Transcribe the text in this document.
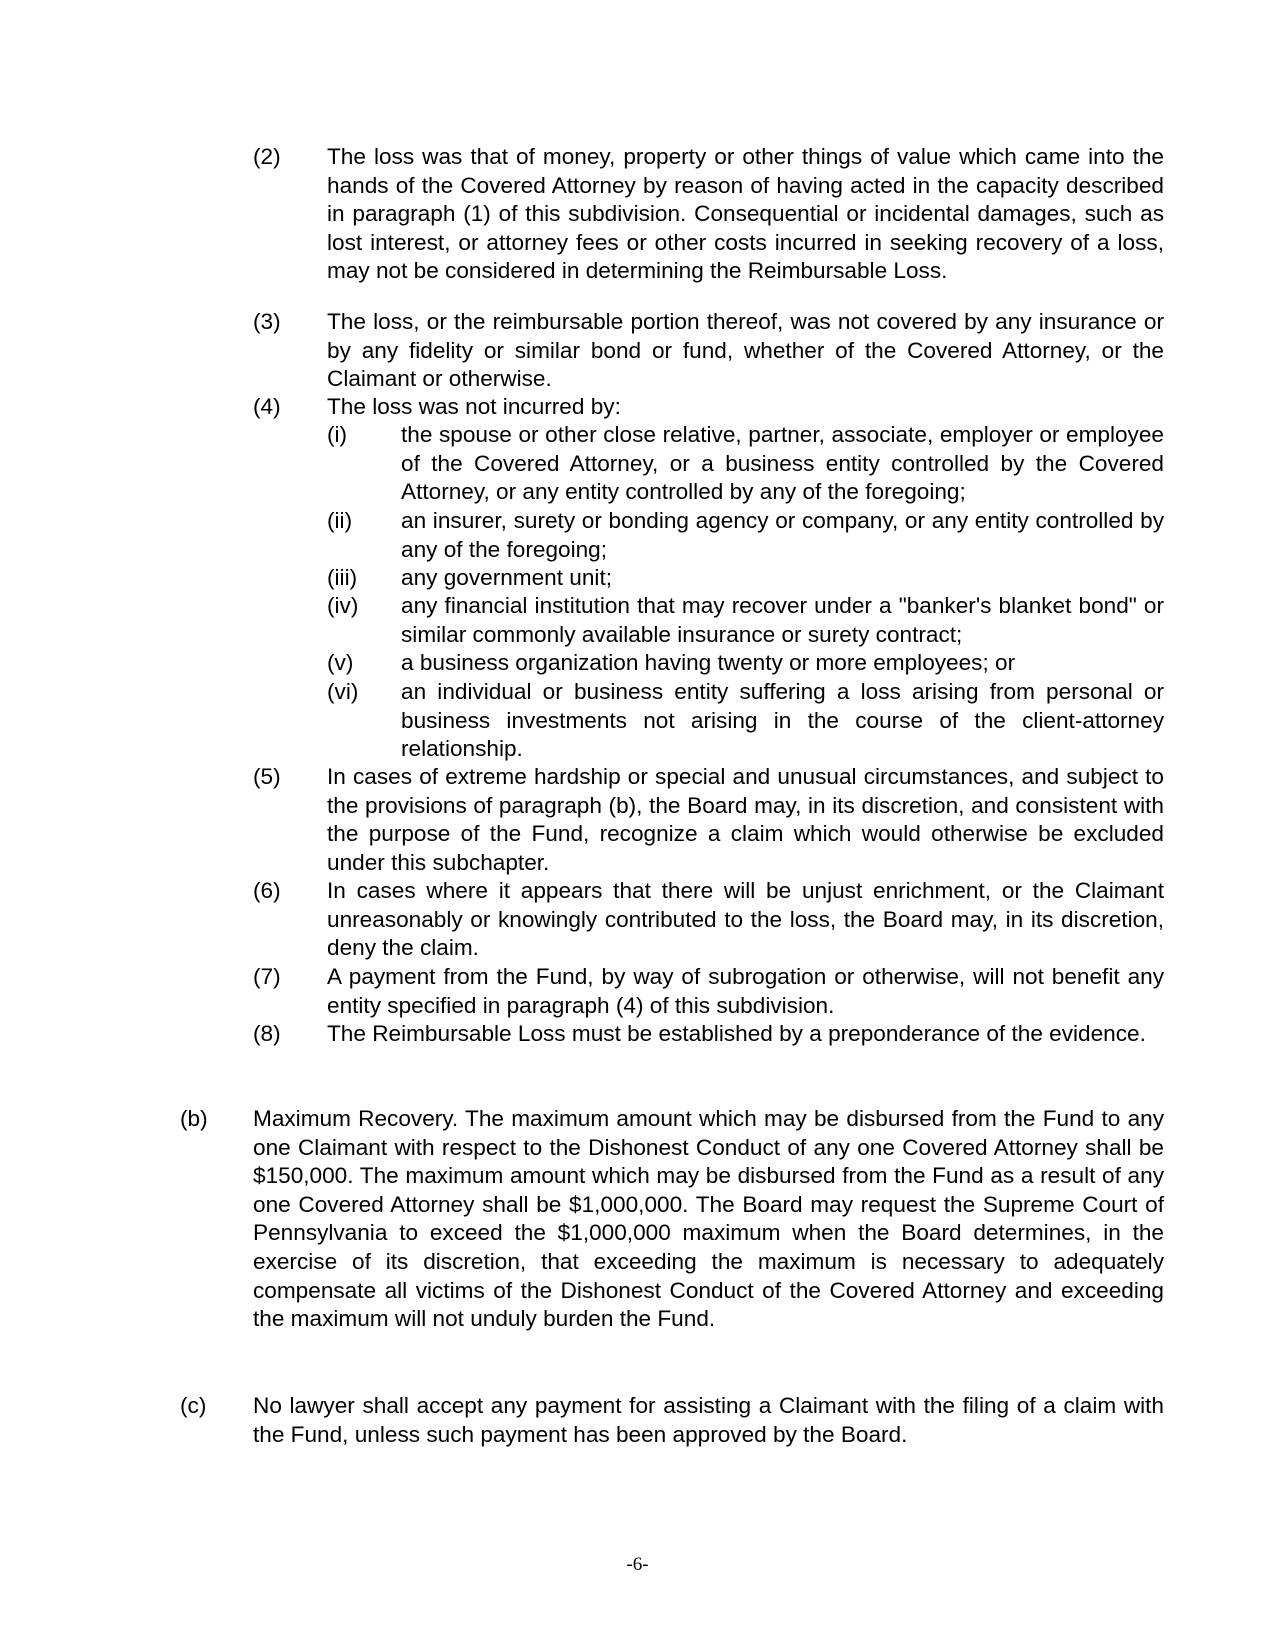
(2)	The loss was that of money, property or other things of value which came into the hands of the Covered Attorney by reason of having acted in the capacity described in paragraph (1) of this subdivision. Consequential or incidental damages, such as lost interest, or attorney fees or other costs incurred in seeking recovery of a loss, may not be considered in determining the Reimbursable Loss.

(3)	The loss, or the reimbursable portion thereof, was not covered by any insurance or by any fidelity or similar bond or fund, whether of the Covered Attorney, or the Claimant or otherwise.

(4)	The loss was not incurred by:

(i)	the spouse or other close relative, partner, associate, employer or employee of the Covered Attorney, or a business entity controlled by the Covered Attorney, or any entity controlled by any of the foregoing;

(ii)	an insurer, surety or bonding agency or company, or any entity controlled by any of the foregoing;

(iii)	any government unit;

(iv)	any financial institution that may recover under a "banker's blanket bond" or similar commonly available insurance or surety contract;

(v)	a business organization having twenty or more employees; or

(vi)	an individual or business entity suffering a loss arising from personal or business investments not arising in the course of the client-attorney relationship.

(5)	In cases of extreme hardship or special and unusual circumstances, and subject to the provisions of paragraph (b), the Board may, in its discretion, and consistent with the purpose of the Fund, recognize a claim which would otherwise be excluded under this subchapter.

(6)	In cases where it appears that there will be unjust enrichment, or the Claimant unreasonably or knowingly contributed to the loss, the Board may, in its discretion, deny the claim.

(7)	A payment from the Fund, by way of subrogation or otherwise, will not benefit any entity specified in paragraph (4) of this subdivision.

(8)	The Reimbursable Loss must be established by a preponderance of the evidence.

(b)	Maximum Recovery. The maximum amount which may be disbursed from the Fund to any one Claimant with respect to the Dishonest Conduct of any one Covered Attorney shall be $150,000. The maximum amount which may be disbursed from the Fund as a result of any one Covered Attorney shall be $1,000,000. The Board may request the Supreme Court of Pennsylvania to exceed the $1,000,000 maximum when the Board determines, in the exercise of its discretion, that exceeding the maximum is necessary to adequately compensate all victims of the Dishonest Conduct of the Covered Attorney and exceeding the maximum will not unduly burden the Fund.

(c)	No lawyer shall accept any payment for assisting a Claimant with the filing of a claim with the Fund, unless such payment has been approved by the Board.

-6-
